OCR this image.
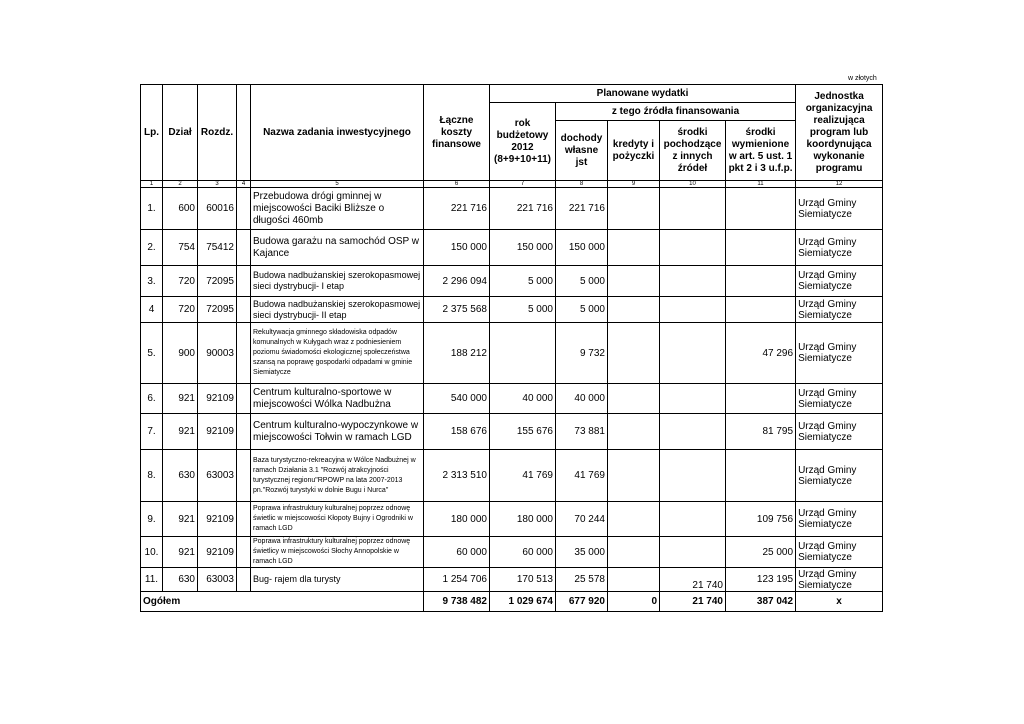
w złotych
Lp.	Dział	Rozdz.		Nazwa zadania inwestycyjnego	Łączne koszty finansowe	Planowane wydatki					Jednostka organizacyjna realizująca program lub koordynująca wykonanie programu
						rok budżetowy 2012 (8+9+10+11)	z tego źródła finansowania				
							dochody własne jst	kredyty i pożyczki	środki pochodzące z innych źródeł	środki wymienione w art. 5 ust. 1 pkt 2 i 3 u.f.p.	

1	2	3	4	5	6	7	8	9	10	11	12
1.	600	60016		Przebudowa drógi gminnej w miejscowości Baciki Bliższe o długości 460mb	221 716	221 716	221 716				Urząd Gminy Siemiatycze
2.	754	75412		Budowa garażu na samochód OSP w Kajance	150 000	150 000	150 000				Urząd Gminy Siemiatycze
3.	720	72095		Budowa nadbużanskiej szerokopasmowej sieci dystrybucji- I etap	2 296 094	5 000	5 000				Urząd Gminy Siemiatycze
4	720	72095		Budowa nadbużanskiej szerokopasmowej sieci dystrybucji- II etap	2 375 568	5 000	5 000				Urząd Gminy Siemiatycze
5.	900	90003		Rekultywacja gminnego składowiska odpadów komunalnych w Kułygach wraz z podniesieniem poziomu świadomości ekologicznej społeczeństwa szansą na poprawę gospodarki odpadami w gminie Siemiatycze	188 212		9 732			47 296	Urząd Gminy Siemiatycze
6.	921	92109		Centrum kulturalno-sportowe w miejscowości Wólka Nadbużna	540 000	40 000	40 000				Urząd Gminy Siemiatycze
7.	921	92109		Centrum kulturalno-wypoczynkowe w miejscowości Tołwin w ramach LGD	158 676	155 676	73 881			81 795	Urząd Gminy Siemiatycze
8.	630	63003		Baza turystyczno-rekreacyjna w Wólce Nadbużnej w ramach Działania 3.1 "Rozwój atrakcyjności turystycznej regionu"RPOWP na lata 2007-2013 pn."Rozwój turystyki w dolnie Bugu i Nurca"	2 313 510	41 769	41 769				Urząd Gminy Siemiatycze
9.	921	92109		Poprawa infrastruktury kulturalnej poprzez odnowę świetlic w miejscowości Kłopoty Bujny i Ogrodniki w ramach LGD	180 000	180 000	70 244			109 756	Urząd Gminy Siemiatycze
10.	921	92109		Poprawa infrastruktury kulturalnej poprzez odnowę świetlicy w miejscowości Słochy Annopolskie w ramach LGD	60 000	60 000	35 000			25 000	Urząd Gminy Siemiatycze
11.	630	63003		Bug- rajem dla turysty	1 254 706	170 513	25 578		21 740	123 195	Urząd Gminy Siemiatycze
Ogółem					9 738 482	1 029 674	677 920	0	21 740	387 042	x
